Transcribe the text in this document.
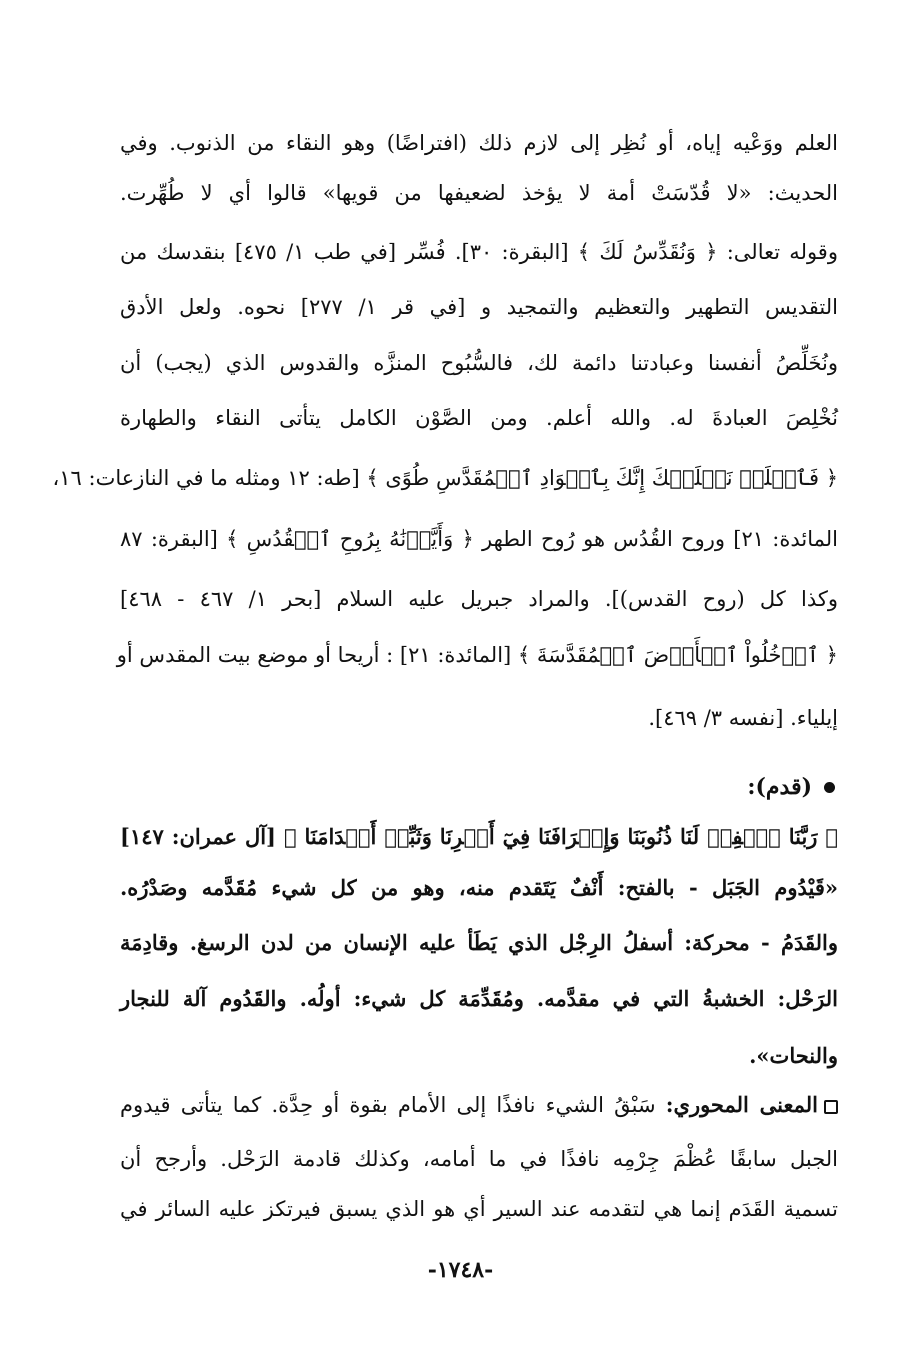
العلم ووَعْيه إياه، أو نُظِر إلى لازم ذلك (افتراضًا) وهو النقاء من الذنوب. وفي
الحديث: «لا قُدّسَتْ أمة لا يؤخذ لضعيفها من قويها» قالوا أي لا طُهِّرت.
وقوله تعالى: ﴿ وَنُقَدِّسُ لَكَ ﴾ [البقرة: ٣٠]. فُسِّر [في طب ١/ ٤٧٥] بنقدسك من
التقديس التطهير والتعظيم والتمجيد و [في قر ١/ ٢٧٧] نحوه. ولعل الأدق
ونُخَلِّصُ أنفسنا وعبادتنا دائمة لك، فالسُّبُوح المنزَّه والقدوس الذي (يجب) أن
نُخْلِصَ العبادةَ له. والله أعلم. ومن الصَّوْن الكامل يتأتى النقاء والطهارة
﴿ فَٱخۡلَعۡ نَعۡلَيۡكَ إِنَّكَ بِٱلۡوَادِ ٱلۡمُقَدَّسِ طُوًى ﴾ [طه: ١٢ ومثله ما في النازعات: ١٦،
المائدة: ٢١] وروح القُدُس هو رُوح الطهر ﴿ وَأَيَّدۡنَٰهُ بِرُوحِ ٱلۡقُدُسِ ﴾ [البقرة: ٨٧
وكذا كل (روح القدس)]. والمراد جبريل عليه السلام [بحر ١/ ٤٦٧ - ٤٦٨]
﴿ ٱدۡخُلُواْ ٱلۡأَرۡضَ ٱلۡمُقَدَّسَةَ ﴾ [المائدة: ٢١] : أريحا أو موضع بيت المقدس أو
إيلياء. [نفسه ٣/ ٤٦٩].
(قدم):
﴿ رَبَّنَا ٱغۡفِرۡ لَنَا ذُنُوبَنَا وَإِسۡرَافَنَا فِيٓ أَمۡرِنَا وَثَبِّتۡ أَقۡدَامَنَا ﴾ [آل عمران: ١٤٧]
«قَيْدُوم الجَبَل - بالفتح: أَنْفٌ يَتَقدم منه، وهو من كل شيء مُقَدَّمه وصَدْرُه.
والقَدَمُ - محركة: أسفلُ الرِجْل الذي يَطَأ عليه الإنسان من لدن الرسغ. وقادِمَة
الرَحْل: الخشبةُ التي في مقدَّمه. ومُقَدِّمَة كل شيء: أولُه. والقَدُوم آلة للنجار
والنحات».
المعنى المحوري: سَبْقُ الشيء نافذًا إلى الأمام بقوة أو حِدَّة. كما يتأتى قيدوم
الجبل سابقًا عُظْمَ جِرْمِه نافذًا في ما أمامه، وكذلك قادمة الرَحْل. وأرجح أن
تسمية القَدَم إنما هي لتقدمه عند السير أي هو الذي يسبق فيرتكز عليه السائر في
-١٧٤٨-
